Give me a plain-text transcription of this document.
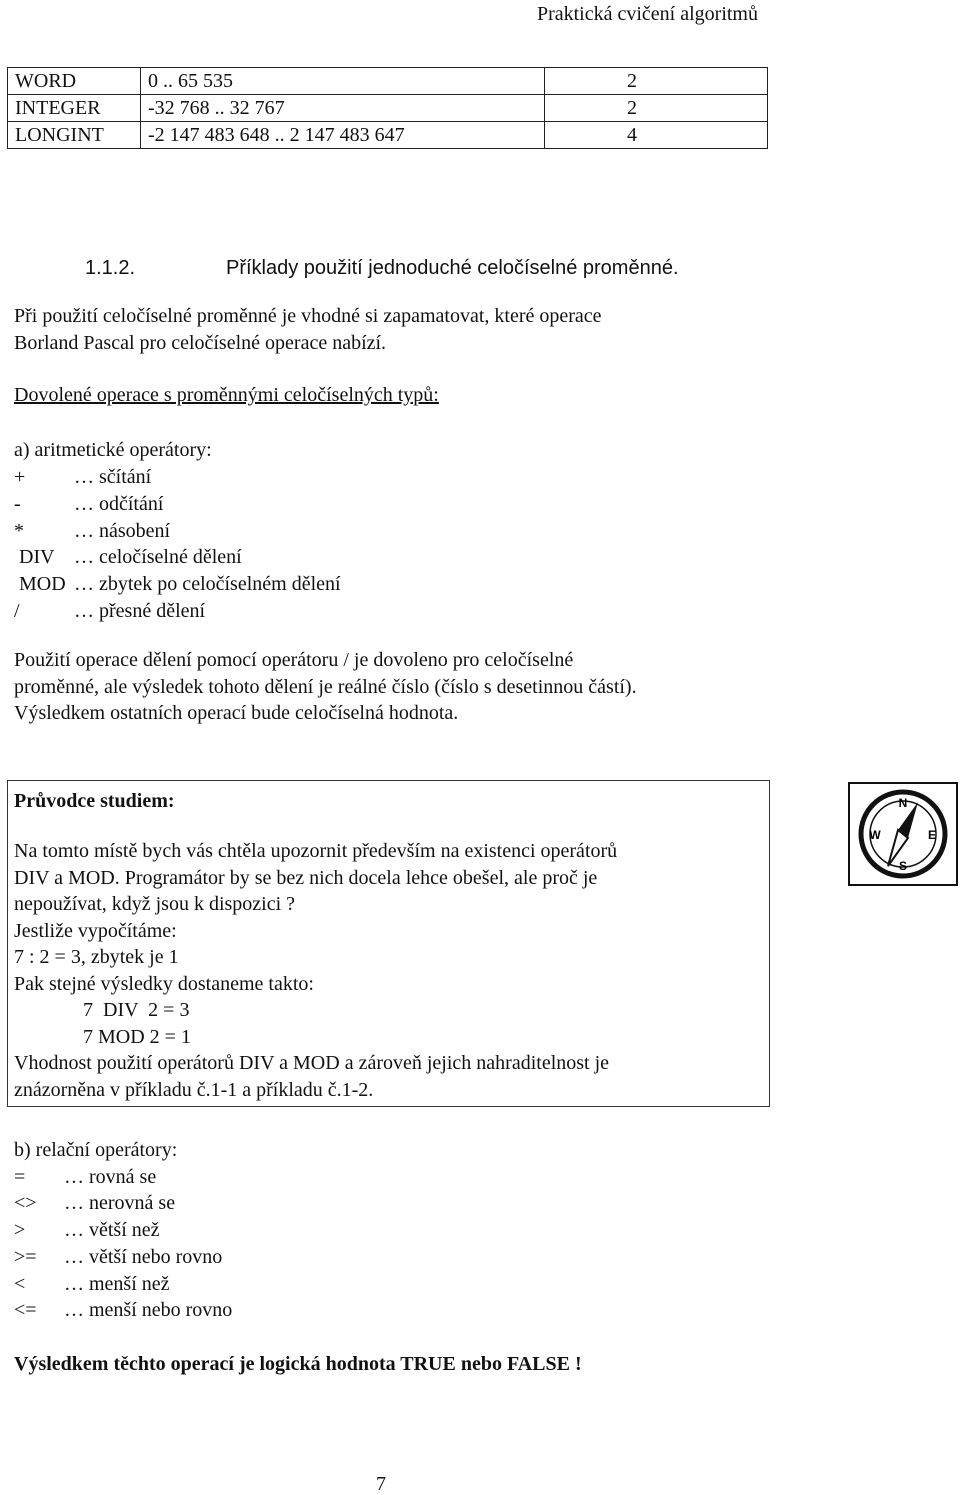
Praktická cvičení algoritmů
WORD	0 .. 65 535	2
INTEGER	-32 768 .. 32 767	2
LONGINT	-2 147 483 648 .. 2 147 483 647	4
1.1.2.	Příklady použití jednoduché celočíselné proměnné.
Při použití celočíselné proměnné je vhodné si zapamatovat, které operace
Borland Pascal pro celočíselné operace nabízí.
Dovolené operace s proměnnými celočíselných typů:
a) aritmetické operátory:
+ … sčítání
-	… odčítání
*	… násobení
DIV … celočíselné dělení
MOD … zbytek po celočíselném dělení
/	… přesné dělení
Použití operace dělení pomocí operátoru / je dovoleno pro celočíselné
proměnné, ale výsledek tohoto dělení je reálné číslo (číslo s desetinnou částí).
Výsledkem ostatních operací bude celočíselná hodnota.
Průvodce studiem:
Na tomto místě bych vás chtěla upozornit především na existenci operátorů
DIV a MOD. Programátor by se bez nich docela lehce obešel, ale proč je
nepoužívat, když jsou k dispozici ?
Jestliže vypočítáme:
7 : 2 = 3, zbytek je 1
Pak stejné výsledky dostaneme takto:
7  DIV  2 = 3
7 MOD 2 = 1
Vhodnost použití operátorů DIV a MOD a zároveň jejich nahraditelnost je
znázorněna v příkladu č.1-1 a příkladu č.1-2.
N
S
W	E
b) relační operátory:
= … rovná se
<> … nerovná se
> … větší než
>= … větší nebo rovno
< … menší než
<= … menší nebo rovno
Výsledkem těchto operací je logická hodnota TRUE nebo FALSE !
7
